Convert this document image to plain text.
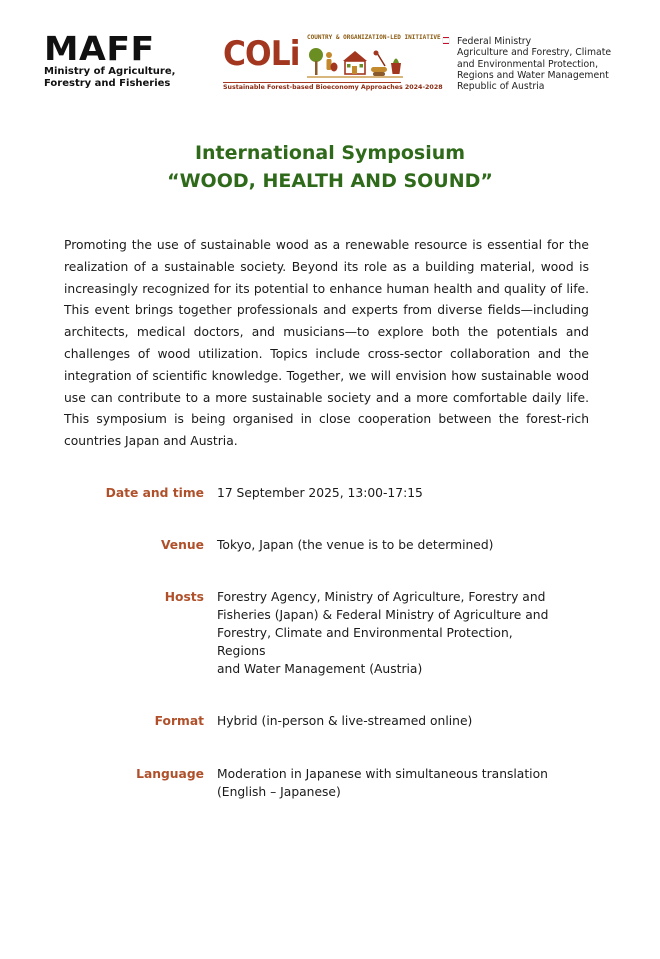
MAFF
Ministry of Agriculture,
Forestry and Fisheries
COLi COUNTRY & ORGANIZATION-LED INITIATIVE
Sustainable Forest-based Bioeconomy Approaches 2024-2028
Federal Ministry
Agriculture and Forestry, Climate
and Environmental Protection,
Regions and Water Management
Republic of Austria
International Symposium
“WOOD, HEALTH AND SOUND”

Promoting the use of sustainable wood as a renewable resource is essential for the realization of a sustainable society. Beyond its role as a building material, wood is increasingly recognized for its potential to enhance human health and quality of life. This event brings together professionals and experts from diverse fields—including architects, medical doctors, and musicians—to explore both the potentials and challenges of wood utilization. Topics include cross-sector collaboration and the integration of scientific knowledge. Together, we will envision how sustainable wood use can contribute to a more sustainable society and a more comfortable daily life. This symposium is being organised in close cooperation between the forest-rich countries Japan and Austria.

Date and time	17 September 2025, 13:00-17:15
Venue	Tokyo, Japan (the venue is to be determined)
Hosts	Forestry Agency, Ministry of Agriculture, Forestry and
Fisheries (Japan) & Federal Ministry of Agriculture and
Forestry, Climate and Environmental Protection, Regions
and Water Management (Austria)
Format	Hybrid (in-person & live-streamed online)
Language	Moderation in Japanese with simultaneous translation
(English – Japanese)
